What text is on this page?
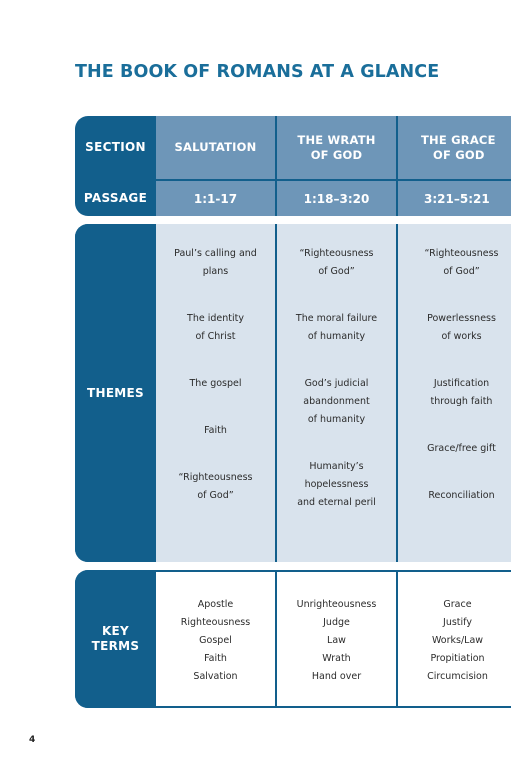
THE BOOK OF ROMANS AT A GLANCE
SECTION
PASSAGE
SALUTATION
THE WRATH
OF GOD
THE GRACE
OF GOD
1:1-17	1:18–3:20	3:21–5:21
THEMES
Paul’s calling and
plans
The identity
of Christ
The gospel
Faith
“Righteousness
of God”
“Righteousness
of God”
The moral failure
of humanity
God’s judicial
abandonment
of humanity
Humanity’s
hopelessness
and eternal peril
“Righteousness
of God”
Powerlessness
of works
Justification
through faith
Grace/free gift
Reconciliation
KEY
TERMS
Apostle
Righteousness
Gospel
Faith
Salvation
Unrighteousness
Judge
Law
Wrath
Hand over
Grace
Justify
Works/Law
Propitiation
Circumcision
4
